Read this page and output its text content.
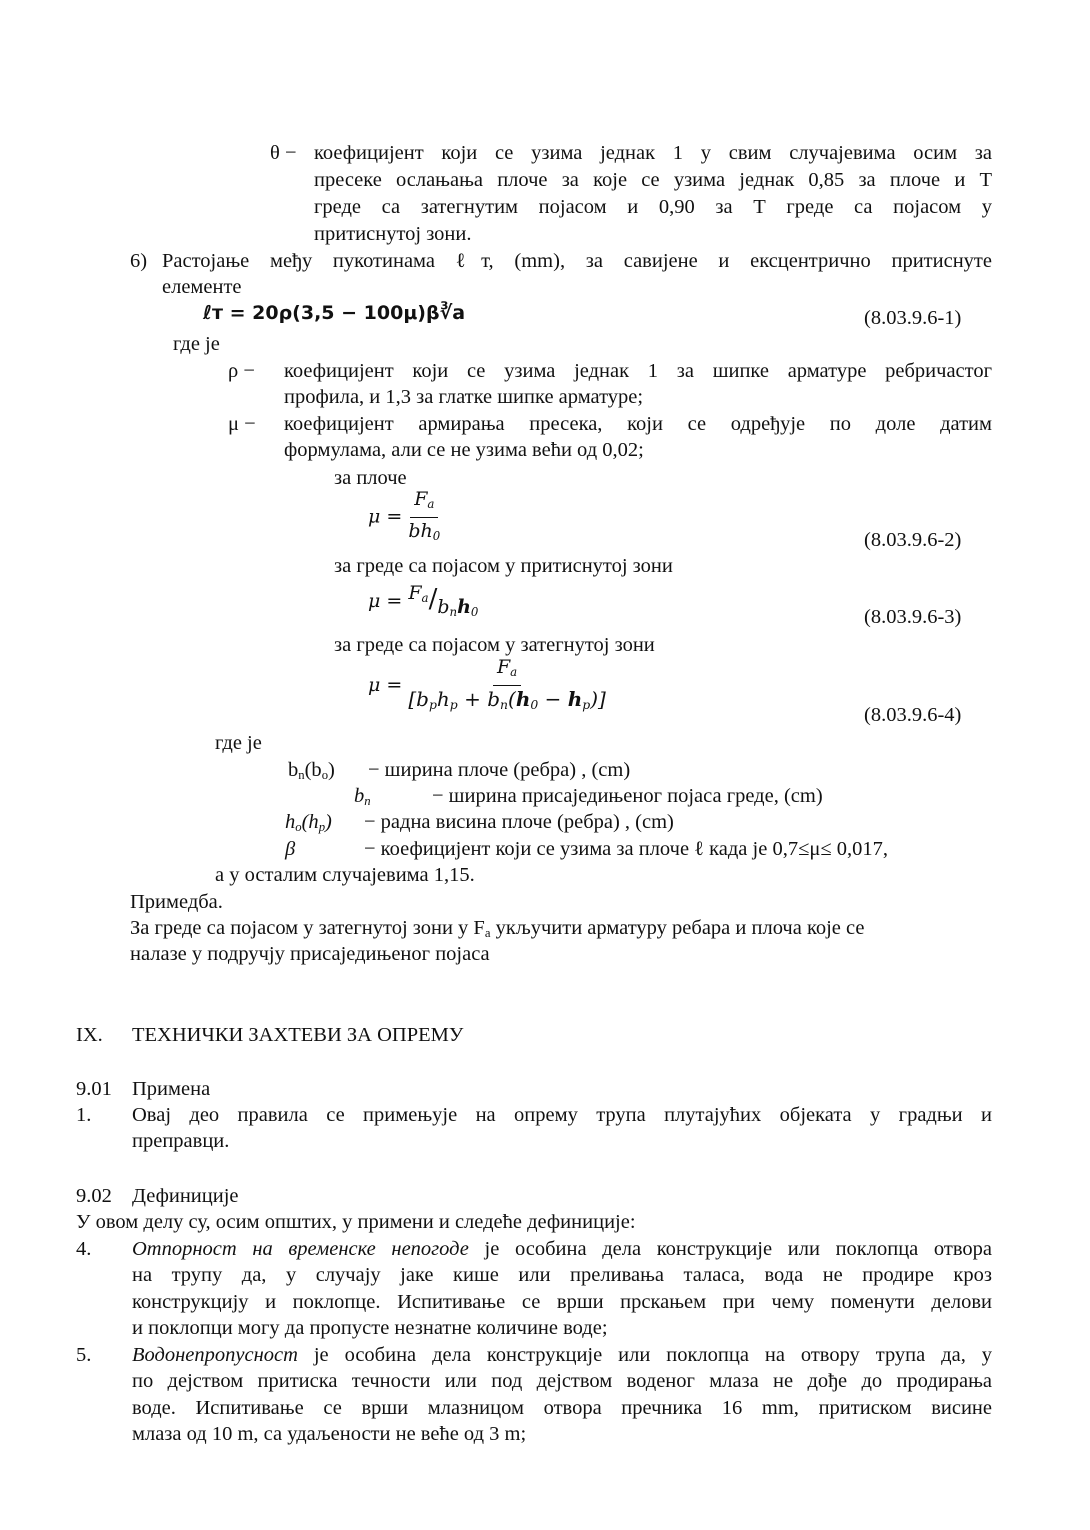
θ − коефицијент који се узима једнак 1 у свим случајевима осим за
пресеке ослањања плоче за које се узима једнак 0,85 за плоче и Т
греде са затегнутим појасом и 0,90 за Т греде са појасом у
притиснутој зони.
6) Растојање међу пукотинама ℓт, (mm), за савијене и ексцентрично притиснуте
елементе
ℓт = 20ρ(3,5 − 100μ)β∛a	(8.03.9.6-1)
где је
ρ − коефицијент који се узима једнак 1 за шипке арматуре ребричастог
профила, и 1,3 за глатке шипке арматуре;
μ − коефицијент армирања пресека, који се одређује по доле датим
формулама, али се не узима већи од 0,02;
за плоче
$\mu = \frac{F_a}{bh_0}$	(8.03.9.6-2)
за греде са појасом у притиснутој зони
$\mu = F_a/b_nh_0$	(8.03.9.6-3)
за греде са појасом у затегнутој зони
$\mu = \frac{F_a}{[b_ph_p + b_n(h_0 - h_p)]}$	(8.03.9.6-4)
где је
$b_n(b_o)$ − ширина плоче (ребра) , (cm)
$b_n$	− ширина присаједињеног појаса греде, (cm)
$h_o(h_p)$ − радна висина плоче (ребра) , (cm)
β	− коефицијент који се узима за плоче ℓ када је 0,7≤μ≤ 0,017,
а у осталим случајевима 1,15.
Примедба.
За греде са појасом у затегнутој зони у $F_a$ укључити арматуру ребара и плоча које се
налазе у подручју присаједињеног појаса
IX. ТЕХНИЧКИ ЗАХТЕВИ ЗА ОПРЕМУ
9.01 Примена
1. Овај део правила се примењује на опрему трупа плутајућих објеката у градњи и
преправци.
9.02 Дефиниције
У овом делу су, осим општих, у примени и следеће дефиниције:
4. Отпорност на временске непогоде је особина дела конструкције или поклопца отвора
на трупу да, у случају јаке кише или преливања таласа, вода не продире кроз
конструкцију и поклопце. Испитивање се врши прскањем при чему поменути делови
и поклопци могу да пропусте незнатне количине воде;
5. Водонепропусност је особина дела конструкције или поклопца на отвору трупа да, у
по дејством притиска течности или под дејством воденог млаза не дође до продирања
воде. Испитивање се врши млазницом отвора пречника 16 mm, притиском висине
млаза од 10 m, са удаљености не веће од 3 m;
